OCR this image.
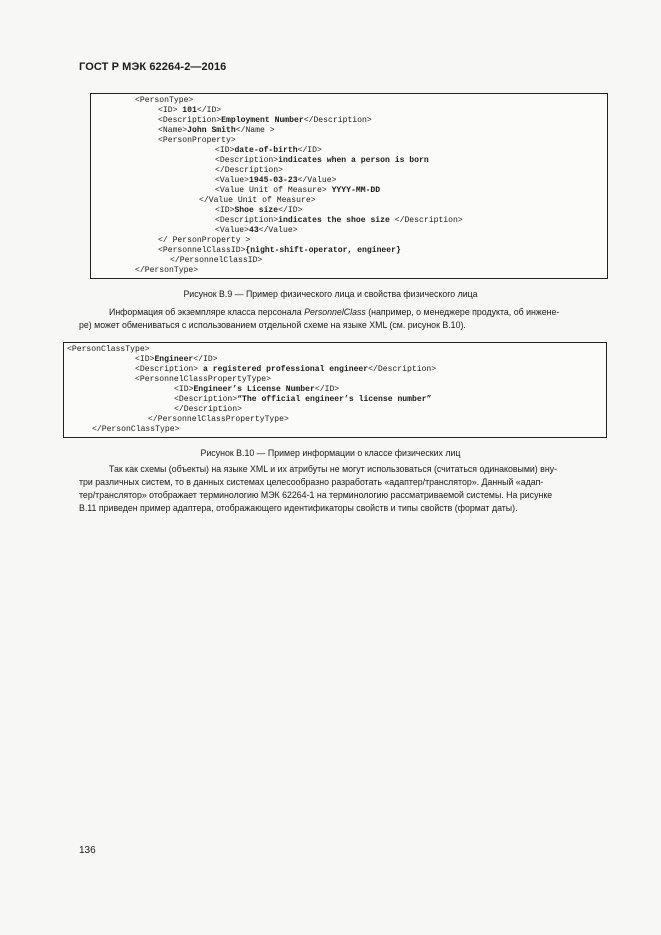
ГОСТ Р МЭК 62264-2—2016
<PersonType>
<ID> 101</ID>
<Description>Employment Number</Description>
<Name>John Smith</Name >
<PersonProperty>
<ID>date-of-birth</ID>
<Description>indicates when a person is born
</Description>
<Value>1945-03-23</Value>
<Value Unit of Measure> YYYY-MM-DD
</Value Unit of Measure>
<ID>Shoe size</ID>
<Description>indicates the shoe size </Description>
<Value>43</Value>
</ PersonProperty >
<PersonnelClassID>{night-shift-operator, engineer}
</PersonnelClassID>
</PersonType>
Рисунок В.9 — Пример физического лица и свойства физического лица
Информация об экземпляре класса персонала PersonnelClass (например, о менеджере продукта, об инжене-
ре) может обмениваться с использованием отдельной схеме на языке XML (см. рисунок В.10).
<PersonClassType>
<ID>Engineer</ID>
<Description> a registered professional engineer</Description>
<PersonnelClassPropertyType>
<ID>Engineer’s License Number</ID>
<Description>“The official engineer’s license number”
</Description>
</PersonnelClassPropertyType>
</PersonClassType>
Рисунок В.10 — Пример информации о классе физических лиц
Так как схемы (объекты) на языке XML и их атрибуты не могут использоваться (считаться одинаковыми) вну-
три различных систем, то в данных системах целесообразно разработать «адаптер/транслятор». Данный «адап-
тер/транслятор» отображает терминологию МЭК 62264-1 на терминологию рассматриваемой системы. На рисунке
В.11 приведен пример адаптера, отображающего идентификаторы свойств и типы свойств (формат даты).
136
